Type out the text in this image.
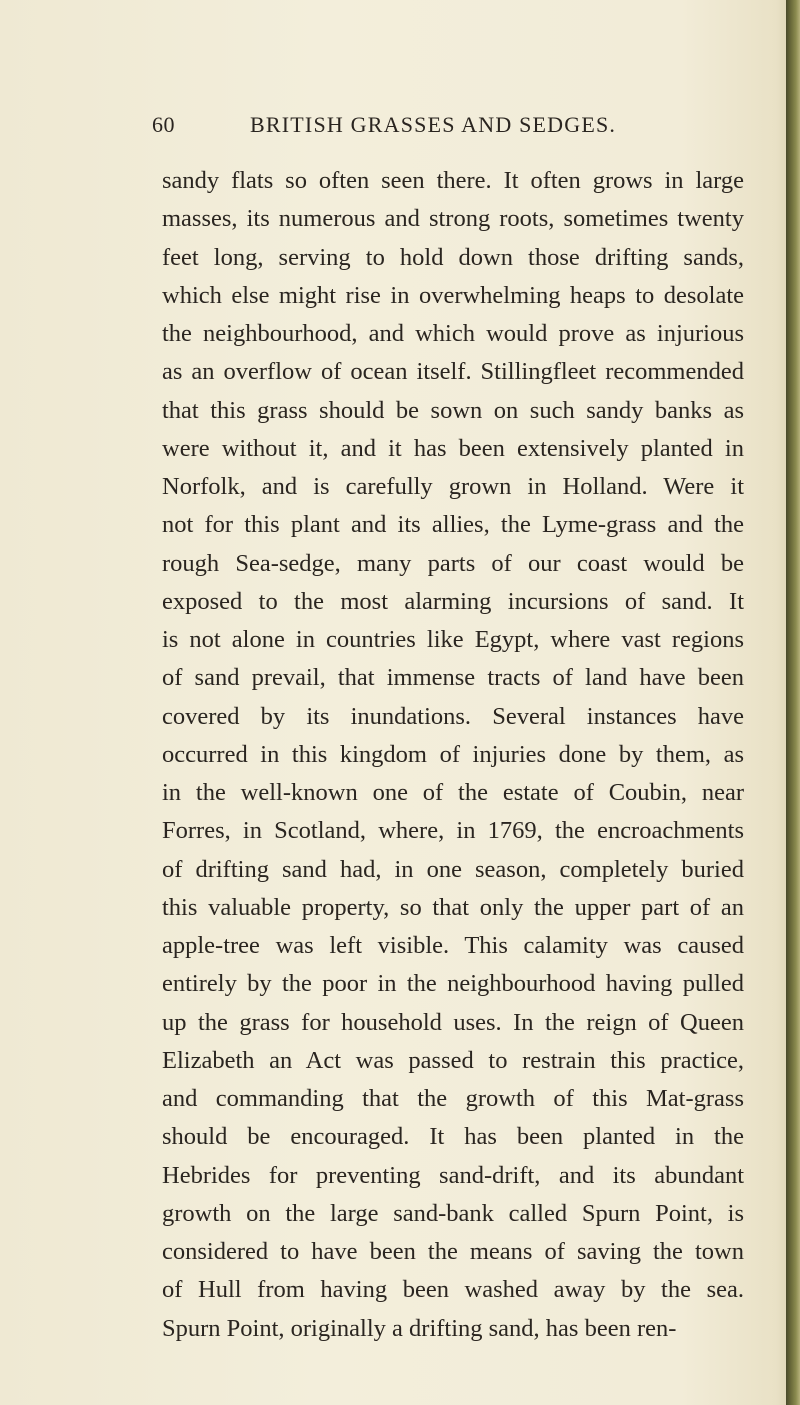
60	BRITISH GRASSES AND SEDGES.
sandy flats so often seen there. It often grows in large
masses, its numerous and strong roots, sometimes twenty
feet long, serving to hold down those drifting sands,
which else might rise in overwhelming heaps to desolate
the neighbourhood, and which would prove as injurious
as an overflow of ocean itself. Stillingfleet recommended
that this grass should be sown on such sandy banks as
were without it, and it has been extensively planted in
Norfolk, and is carefully grown in Holland. Were it
not for this plant and its allies, the Lyme-grass and the
rough Sea-sedge, many parts of our coast would be
exposed to the most alarming incursions of sand. It
is not alone in countries like Egypt, where vast regions
of sand prevail, that immense tracts of land have been
covered by its inundations. Several instances have
occurred in this kingdom of injuries done by them, as
in the well-known one of the estate of Coubin, near
Forres, in Scotland, where, in 1769, the encroachments
of drifting sand had, in one season, completely buried
this valuable property, so that only the upper part of an
apple-tree was left visible. This calamity was caused
entirely by the poor in the neighbourhood having pulled
up the grass for household uses. In the reign of Queen
Elizabeth an Act was passed to restrain this practice,
and commanding that the growth of this Mat-grass
should be encouraged. It has been planted in the
Hebrides for preventing sand-drift, and its abundant
growth on the large sand-bank called Spurn Point, is
considered to have been the means of saving the town
of Hull from having been washed away by the sea.
Spurn Point, originally a drifting sand, has been ren-
